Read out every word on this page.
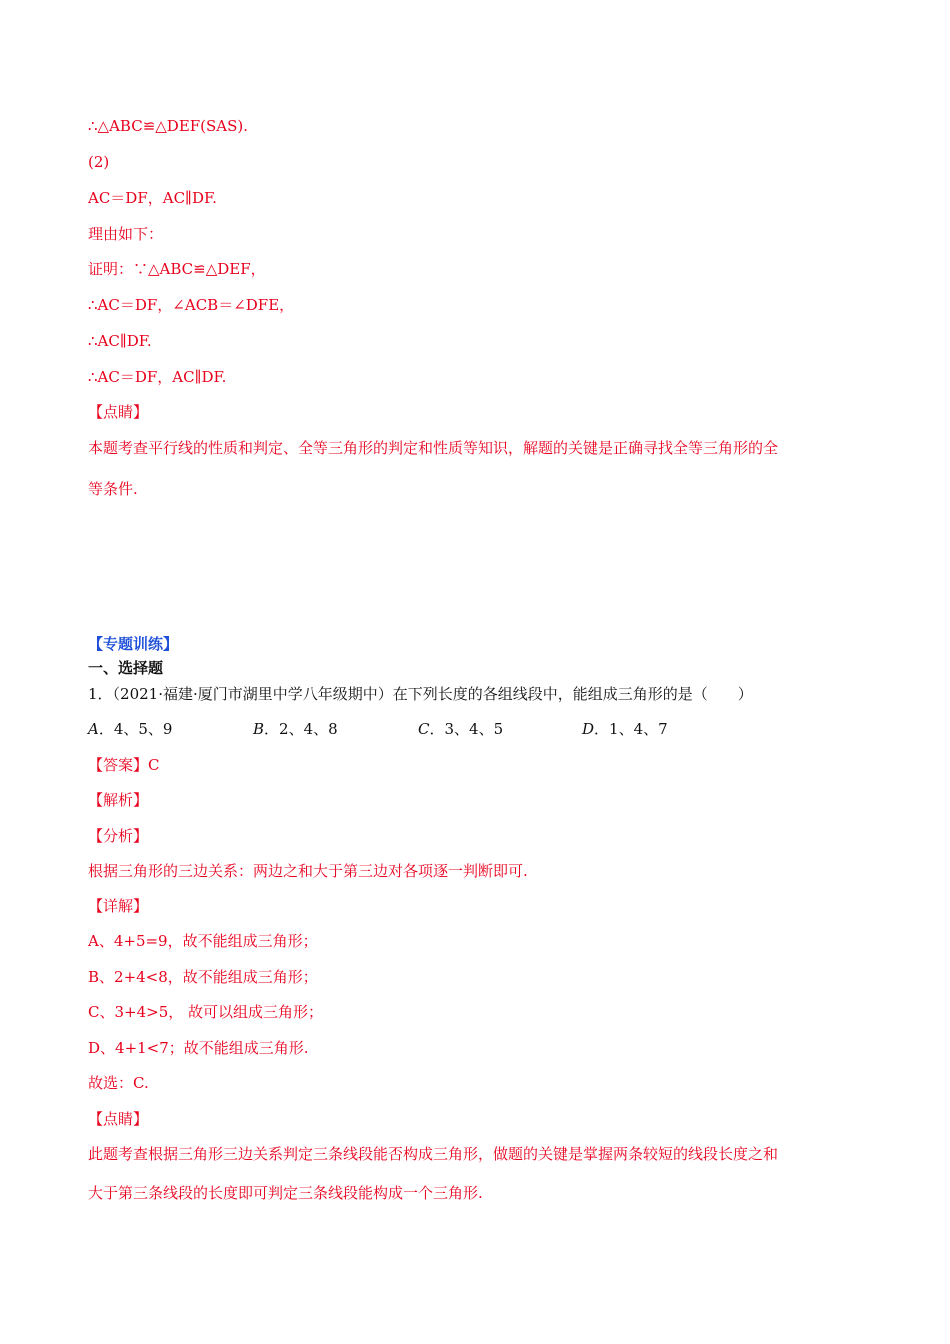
∴△ABC≌△DEF(SAS).
(2)
AC＝DF，AC∥DF.
理由如下：
证明：∵△ABC≌△DEF，
∴AC＝DF，∠ACB＝∠DFE，
∴AC∥DF.
∴AC＝DF，AC∥DF.
【点睛】
本题考查平行线的性质和判定、全等三角形的判定和性质等知识，解题的关键是正确寻找全等三角形的全
等条件.
【专题训练】
一、选择题
1．（2021·福建·厦门市湖里中学八年级期中）在下列长度的各组线段中，能组成三角形的是（　　）
A．4、5、9	B．2、4、8	C．3、4、5	D．1、4、7
【答案】C
【解析】
【分析】
根据三角形的三边关系：两边之和大于第三边对各项逐一判断即可.
【详解】
A、4+5=9，故不能组成三角形；
B、2+4<8，故不能组成三角形；
C、3+4>5， 故可以组成三角形；
D、4+1<7；故不能组成三角形.
故选：C.
【点睛】
此题考查根据三角形三边关系判定三条线段能否构成三角形，做题的关键是掌握两条较短的线段长度之和
大于第三条线段的长度即可判定三条线段能构成一个三角形.
